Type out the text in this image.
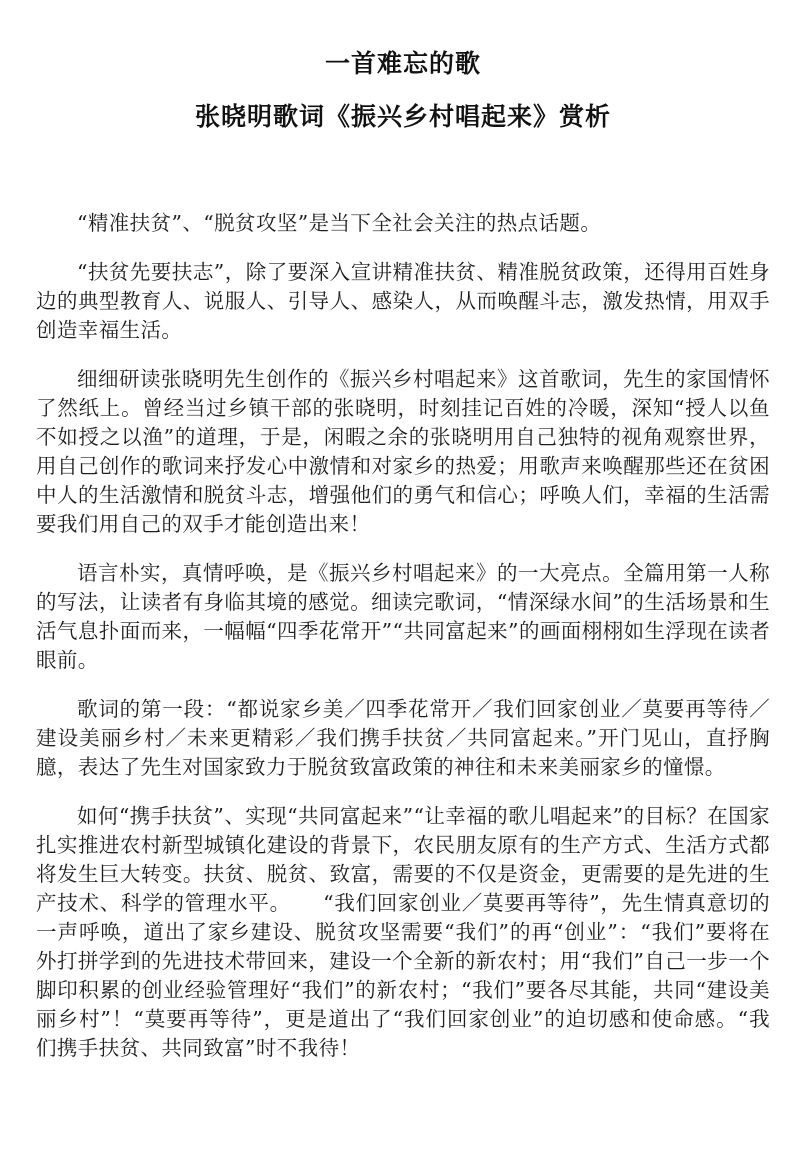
一首难忘的歌
张晓明歌词《振兴乡村唱起来》赏析

“精准扶贫”、“脱贫攻坚”是当下全社会关注的热点话题。

“扶贫先要扶志”，除了要深入宣讲精准扶贫、精准脱贫政策，还得用百姓身边的典型教育人、说服人、引导人、感染人，从而唤醒斗志，激发热情，用双手创造幸福生活。

细细研读张晓明先生创作的《振兴乡村唱起来》这首歌词，先生的家国情怀了然纸上。曾经当过乡镇干部的张晓明，时刻挂记百姓的冷暖，深知“授人以鱼不如授之以渔”的道理，于是，闲暇之余的张晓明用自己独特的视角观察世界，用自己创作的歌词来抒发心中激情和对家乡的热爱；用歌声来唤醒那些还在贫困中人的生活激情和脱贫斗志，增强他们的勇气和信心；呼唤人们，幸福的生活需要我们用自己的双手才能创造出来！

语言朴实，真情呼唤，是《振兴乡村唱起来》的一大亮点。全篇用第一人称的写法，让读者有身临其境的感觉。细读完歌词，“情深绿水间”的生活场景和生活气息扑面而来，一幅幅“四季花常开”“共同富起来”的画面栩栩如生浮现在读者眼前。

歌词的第一段：“都说家乡美／四季花常开／我们回家创业／莫要再等待／建设美丽乡村／未来更精彩／我们携手扶贫／共同富起来。”开门见山，直抒胸臆，表达了先生对国家致力于脱贫致富政策的神往和未来美丽家乡的憧憬。

如何“携手扶贫”、实现“共同富起来”“让幸福的歌儿唱起来”的目标？在国家扎实推进农村新型城镇化建设的背景下，农民朋友原有的生产方式、生活方式都将发生巨大转变。扶贫、脱贫、致富，需要的不仅是资金，更需要的是先进的生产技术、科学的管理水平。　　“我们回家创业／莫要再等待”，先生情真意切的一声呼唤，道出了家乡建设、脱贫攻坚需要“我们”的再“创业”：“我们”要将在外打拼学到的先进技术带回来，建设一个全新的新农村；用“我们”自己一步一个脚印积累的创业经验管理好“我们”的新农村；“我们”要各尽其能，共同“建设美丽乡村”！“莫要再等待”，更是道出了“我们回家创业”的迫切感和使命感。“我们携手扶贫、共同致富”时不我待！
